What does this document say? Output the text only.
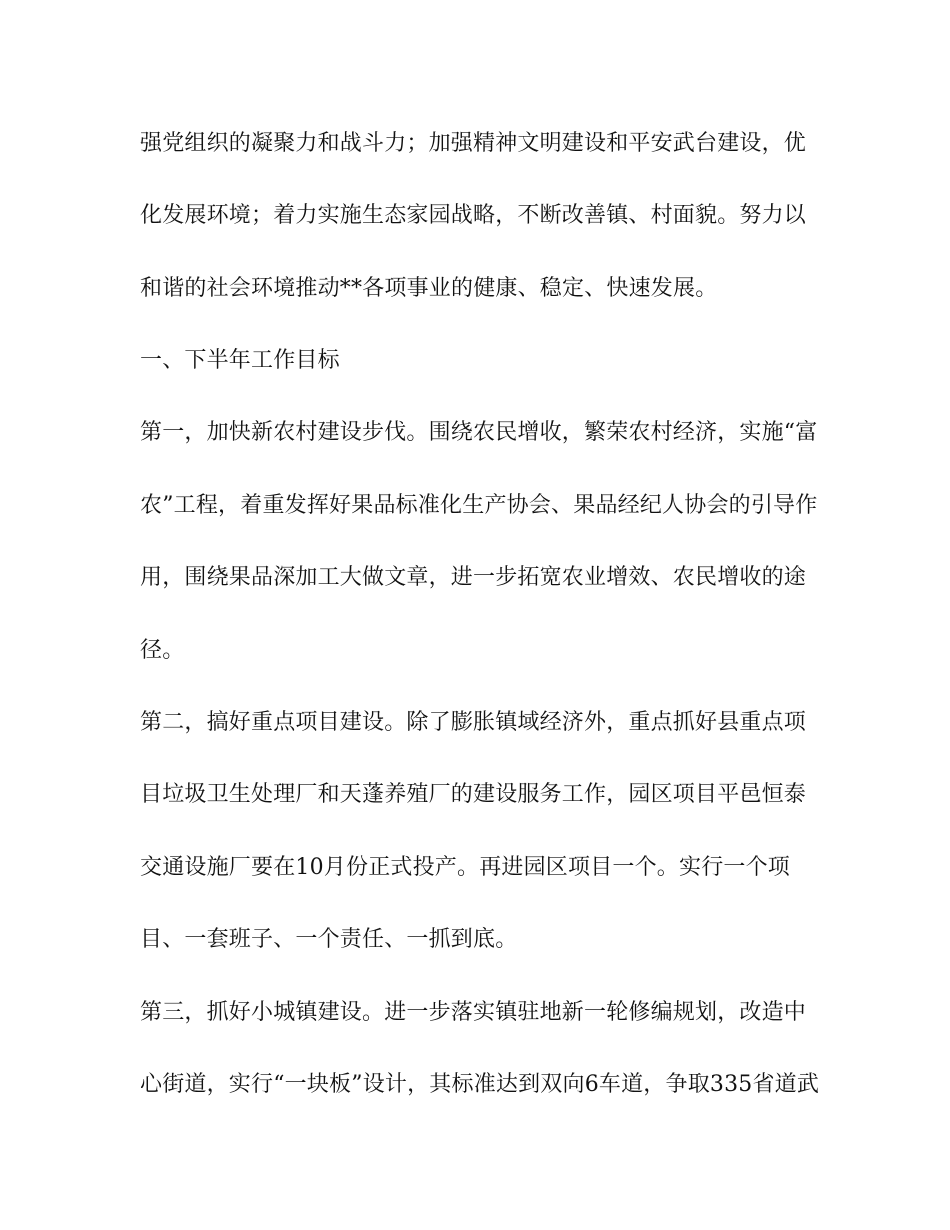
强党组织的凝聚力和战斗力；加强精神文明建设和平安武台建设，优
化发展环境；着力实施生态家园战略，不断改善镇、村面貌。努力以
和谐的社会环境推动**各项事业的健康、稳定、快速发展。
一、下半年工作目标
第一，加快新农村建设步伐。围绕农民增收，繁荣农村经济，实施“富
农”工程，着重发挥好果品标准化生产协会、果品经纪人协会的引导作
用，围绕果品深加工大做文章，进一步拓宽农业增效、农民增收的途
径。
第二，搞好重点项目建设。除了膨胀镇域经济外，重点抓好县重点项
目垃圾卫生处理厂和天蓬养殖厂的建设服务工作，园区项目平邑恒泰
交通设施厂要在10月份正式投产。再进园区项目一个。实行一个项
目、一套班子、一个责任、一抓到底。
第三，抓好小城镇建设。进一步落实镇驻地新一轮修编规划，改造中
心街道，实行“一块板”设计，其标准达到双向6车道，争取335省道武
